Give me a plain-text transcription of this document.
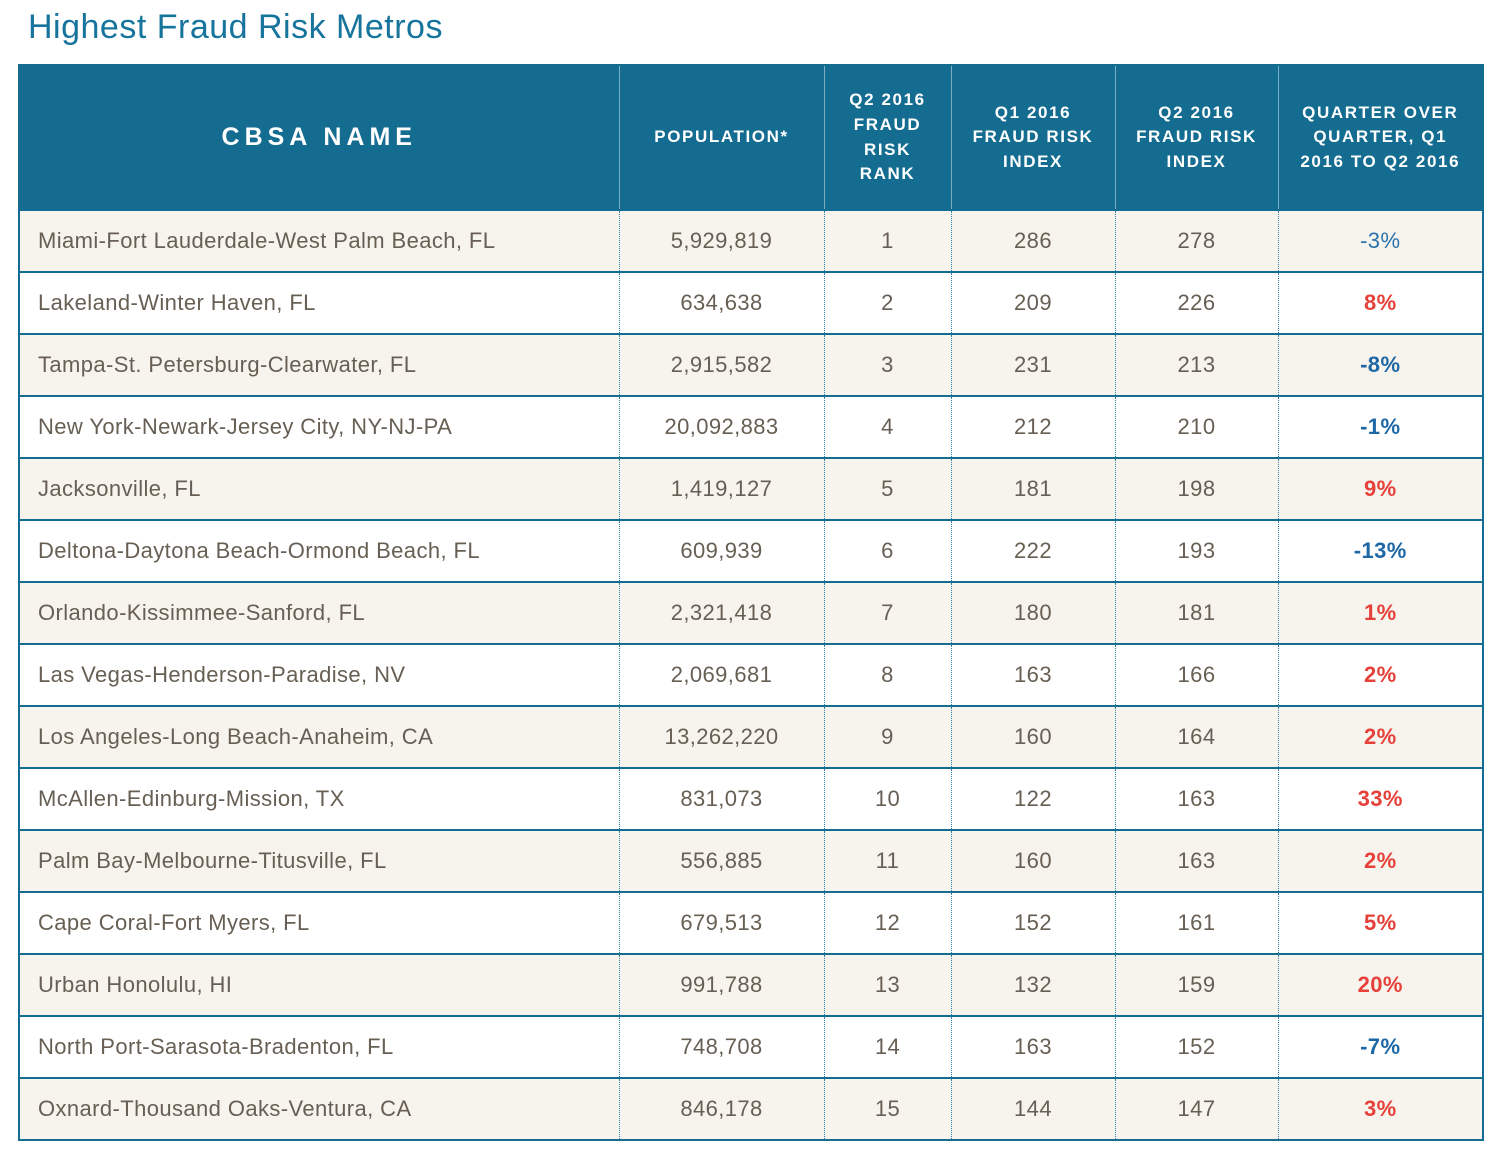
Highest Fraud Risk Metros
CBSA NAME	POPULATION*	Q2 2016 FRAUD RISK RANK	Q1 2016 FRAUD RISK INDEX	Q2 2016 FRAUD RISK INDEX	QUARTER OVER QUARTER, Q1 2016 TO Q2 2016
Miami-Fort Lauderdale-West Palm Beach, FL	5,929,819	1	286	278	-3%
Lakeland-Winter Haven, FL	634,638	2	209	226	8%
Tampa-St. Petersburg-Clearwater, FL	2,915,582	3	231	213	-8%
New York-Newark-Jersey City, NY-NJ-PA	20,092,883	4	212	210	-1%
Jacksonville, FL	1,419,127	5	181	198	9%
Deltona-Daytona Beach-Ormond Beach, FL	609,939	6	222	193	-13%
Orlando-Kissimmee-Sanford, FL	2,321,418	7	180	181	1%
Las Vegas-Henderson-Paradise, NV	2,069,681	8	163	166	2%
Los Angeles-Long Beach-Anaheim, CA	13,262,220	9	160	164	2%
McAllen-Edinburg-Mission, TX	831,073	10	122	163	33%
Palm Bay-Melbourne-Titusville, FL	556,885	11	160	163	2%
Cape Coral-Fort Myers, FL	679,513	12	152	161	5%
Urban Honolulu, HI	991,788	13	132	159	20%
North Port-Sarasota-Bradenton, FL	748,708	14	163	152	-7%
Oxnard-Thousand Oaks-Ventura, CA	846,178	15	144	147	3%
